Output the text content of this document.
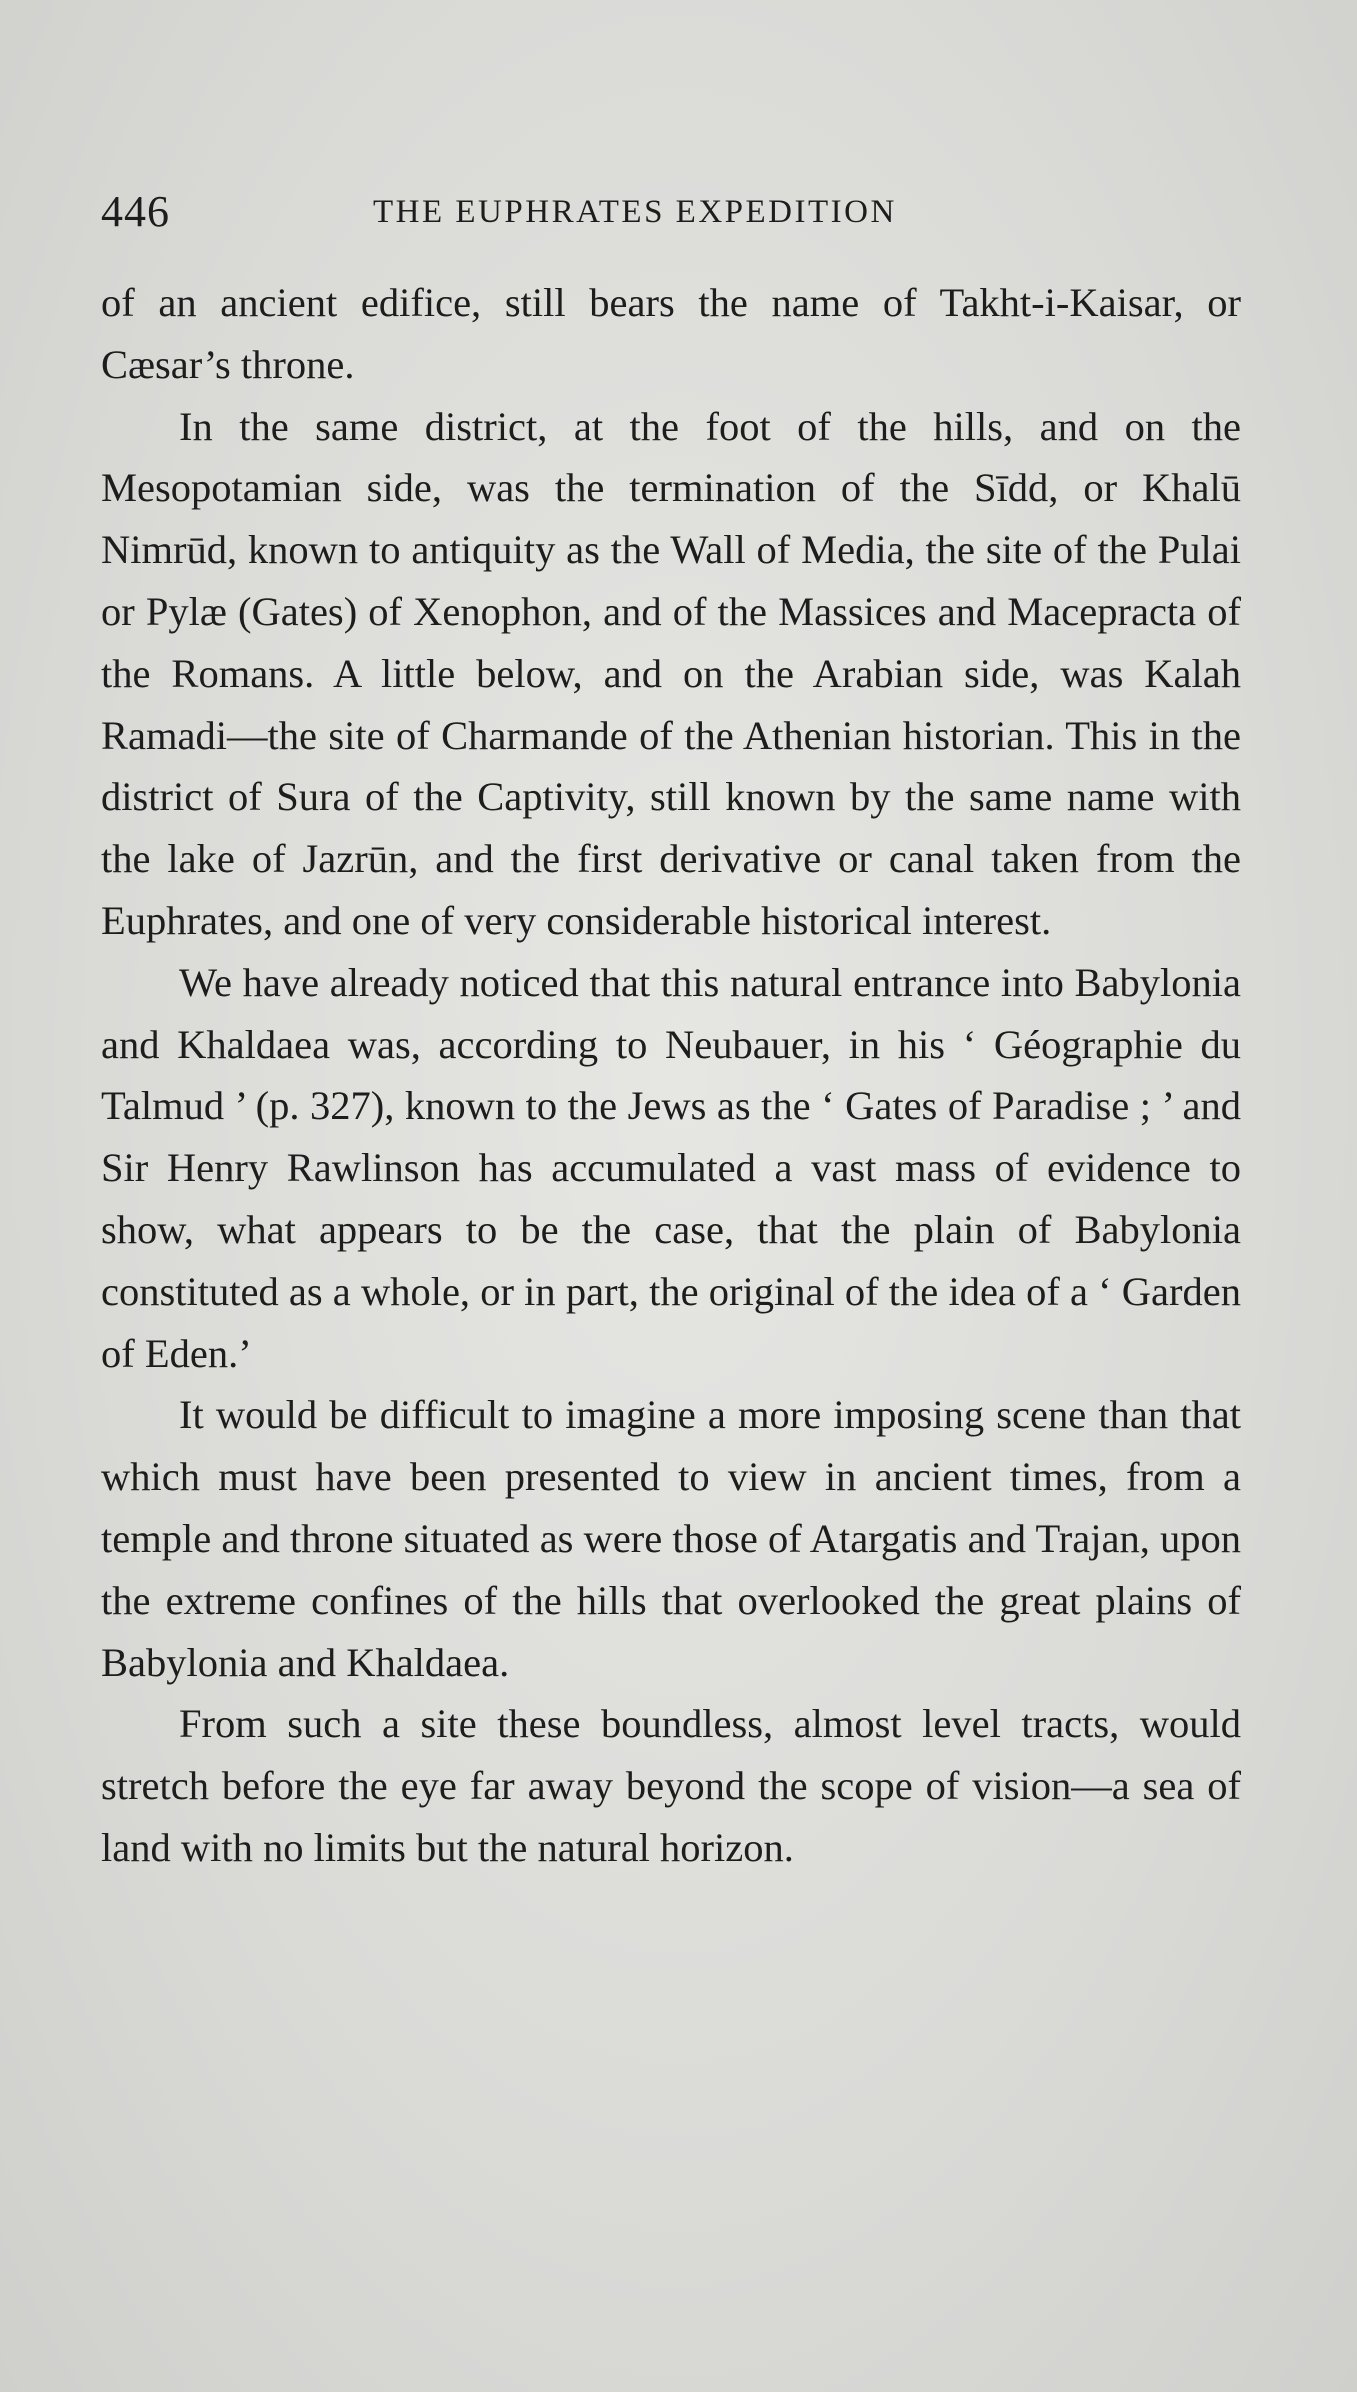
446	THE EUPHRATES EXPEDITION

of an ancient edifice, still bears the name of Takht-i-Kaisar, or Cæsar’s throne.

In the same district, at the foot of the hills, and on the Mesopotamian side, was the termination of the Sīdd, or Khalū Nimrūd, known to antiquity as the Wall of Media, the site of the Pulai or Pylæ (Gates) of Xenophon, and of the Massices and Macepracta of the Romans. A little below, and on the Arabian side, was Kalah Ramadi—the site of Charmande of the Athenian historian. This in the district of Sura of the Captivity, still known by the same name with the lake of Jazrūn, and the first derivative or canal taken from the Euphrates, and one of very considerable historical interest.

We have already noticed that this natural entrance into Babylonia and Khaldaea was, according to Neubauer, in his ‘ Géographie du Talmud ’ (p. 327), known to the Jews as the ‘ Gates of Paradise ; ’ and Sir Henry Rawlinson has accumulated a vast mass of evidence to show, what appears to be the case, that the plain of Babylonia constituted as a whole, or in part, the original of the idea of a ‘ Garden of Eden.’

It would be difficult to imagine a more imposing scene than that which must have been presented to view in ancient times, from a temple and throne situated as were those of Atargatis and Trajan, upon the extreme confines of the hills that overlooked the great plains of Babylonia and Khaldaea.

From such a site these boundless, almost level tracts, would stretch before the eye far away beyond the scope of vision—a sea of land with no limits but the natural horizon.
